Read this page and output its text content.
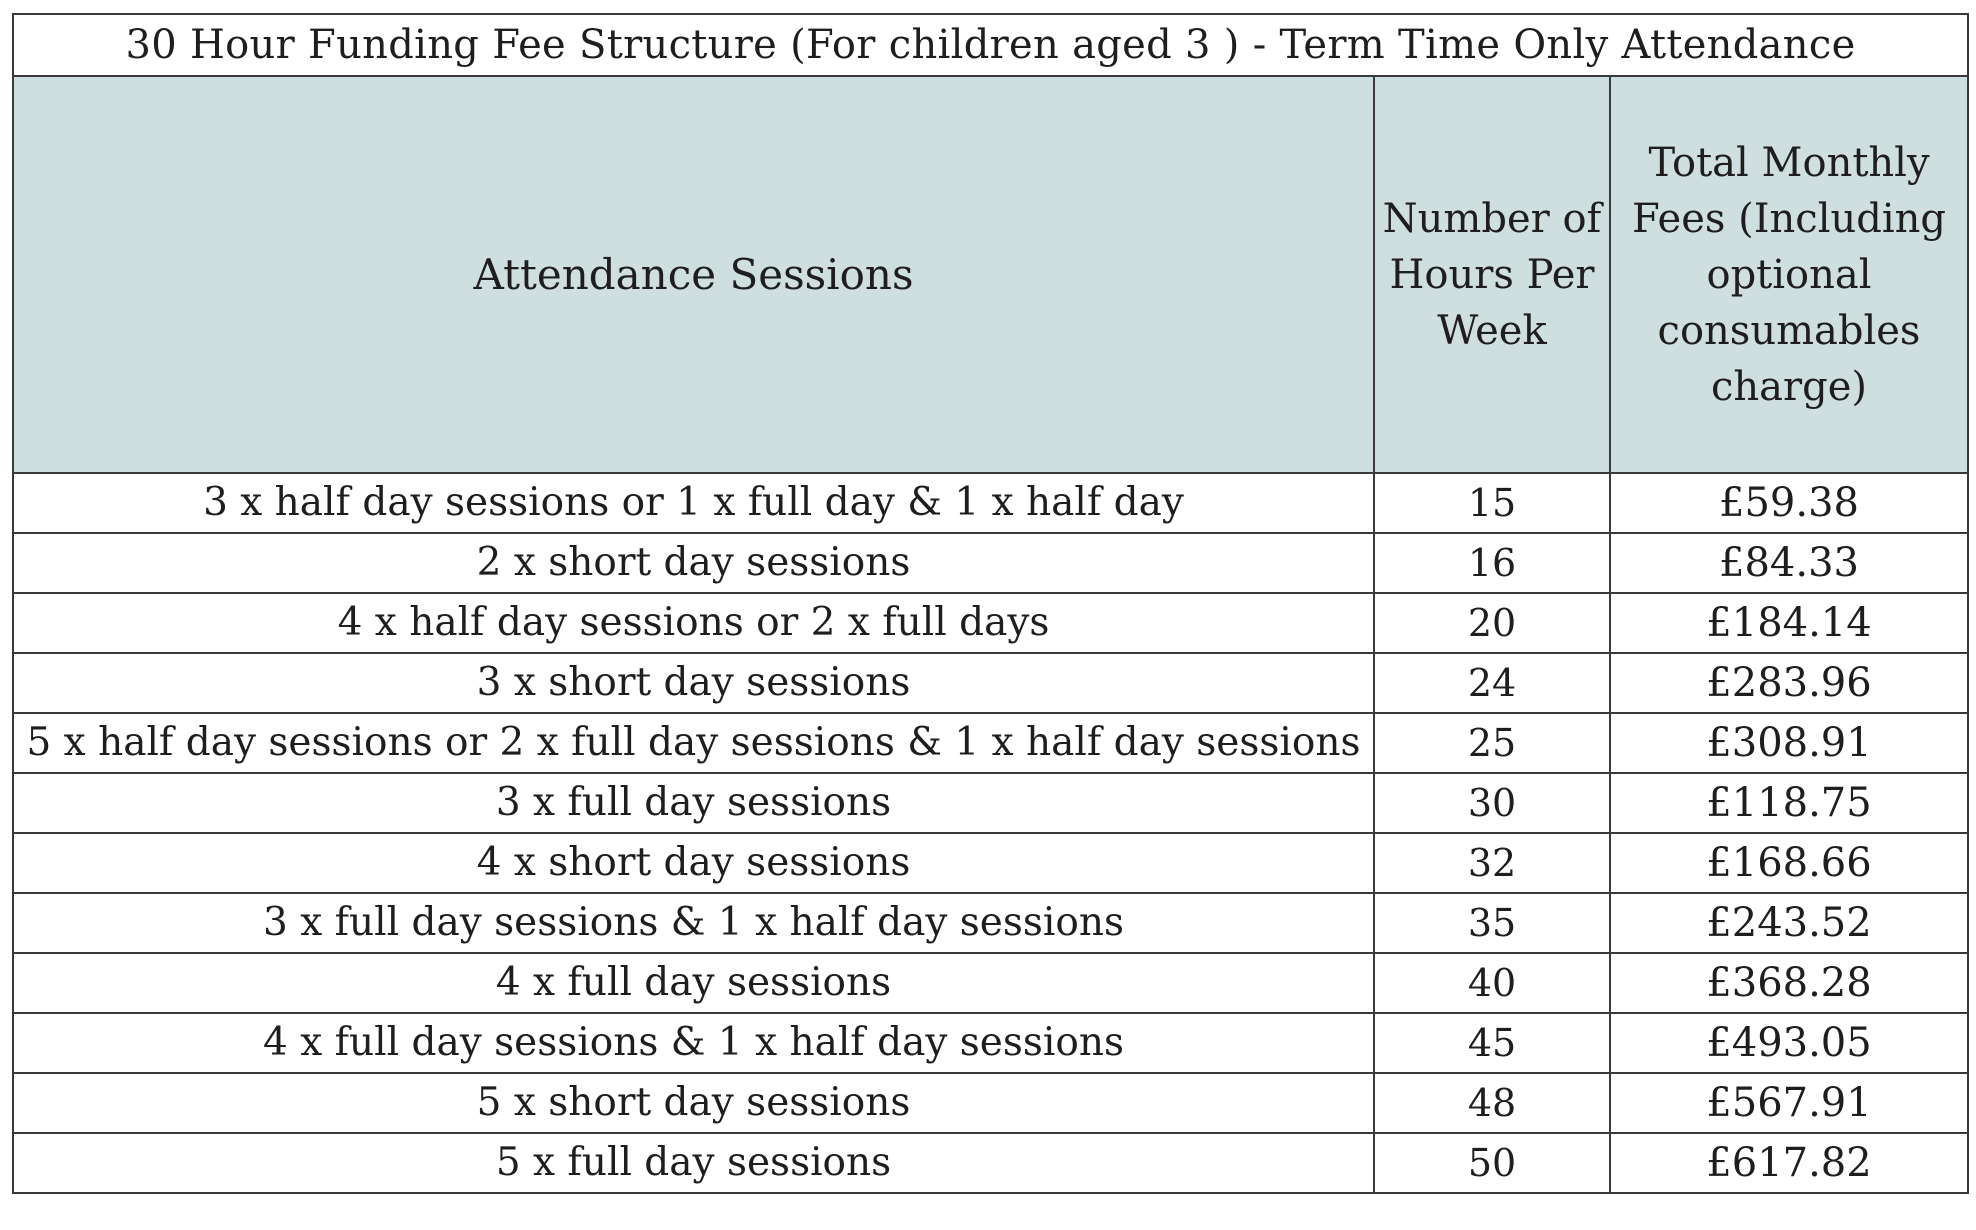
30 Hour Funding Fee Structure (For children aged 3 ) - Term Time Only Attendance		
Attendance Sessions	Number of Hours Per Week	Total Monthly Fees (Including optional consumables charge)
3 x half day sessions or 1 x full day & 1 x half day	15	£59.38
2 x short day sessions	16	£84.33
4 x half day sessions or 2 x full days	20	£184.14
3 x short day sessions	24	£283.96
5 x half day sessions or 2 x full day sessions & 1 x half day sessions	25	£308.91
3 x full day sessions	30	£118.75
4 x short day sessions	32	£168.66
3 x full day sessions & 1 x half day sessions	35	£243.52
4 x full day sessions	40	£368.28
4 x full day sessions & 1 x half day sessions	45	£493.05
5 x short day sessions	48	£567.91
5 x full day sessions	50	£617.82
